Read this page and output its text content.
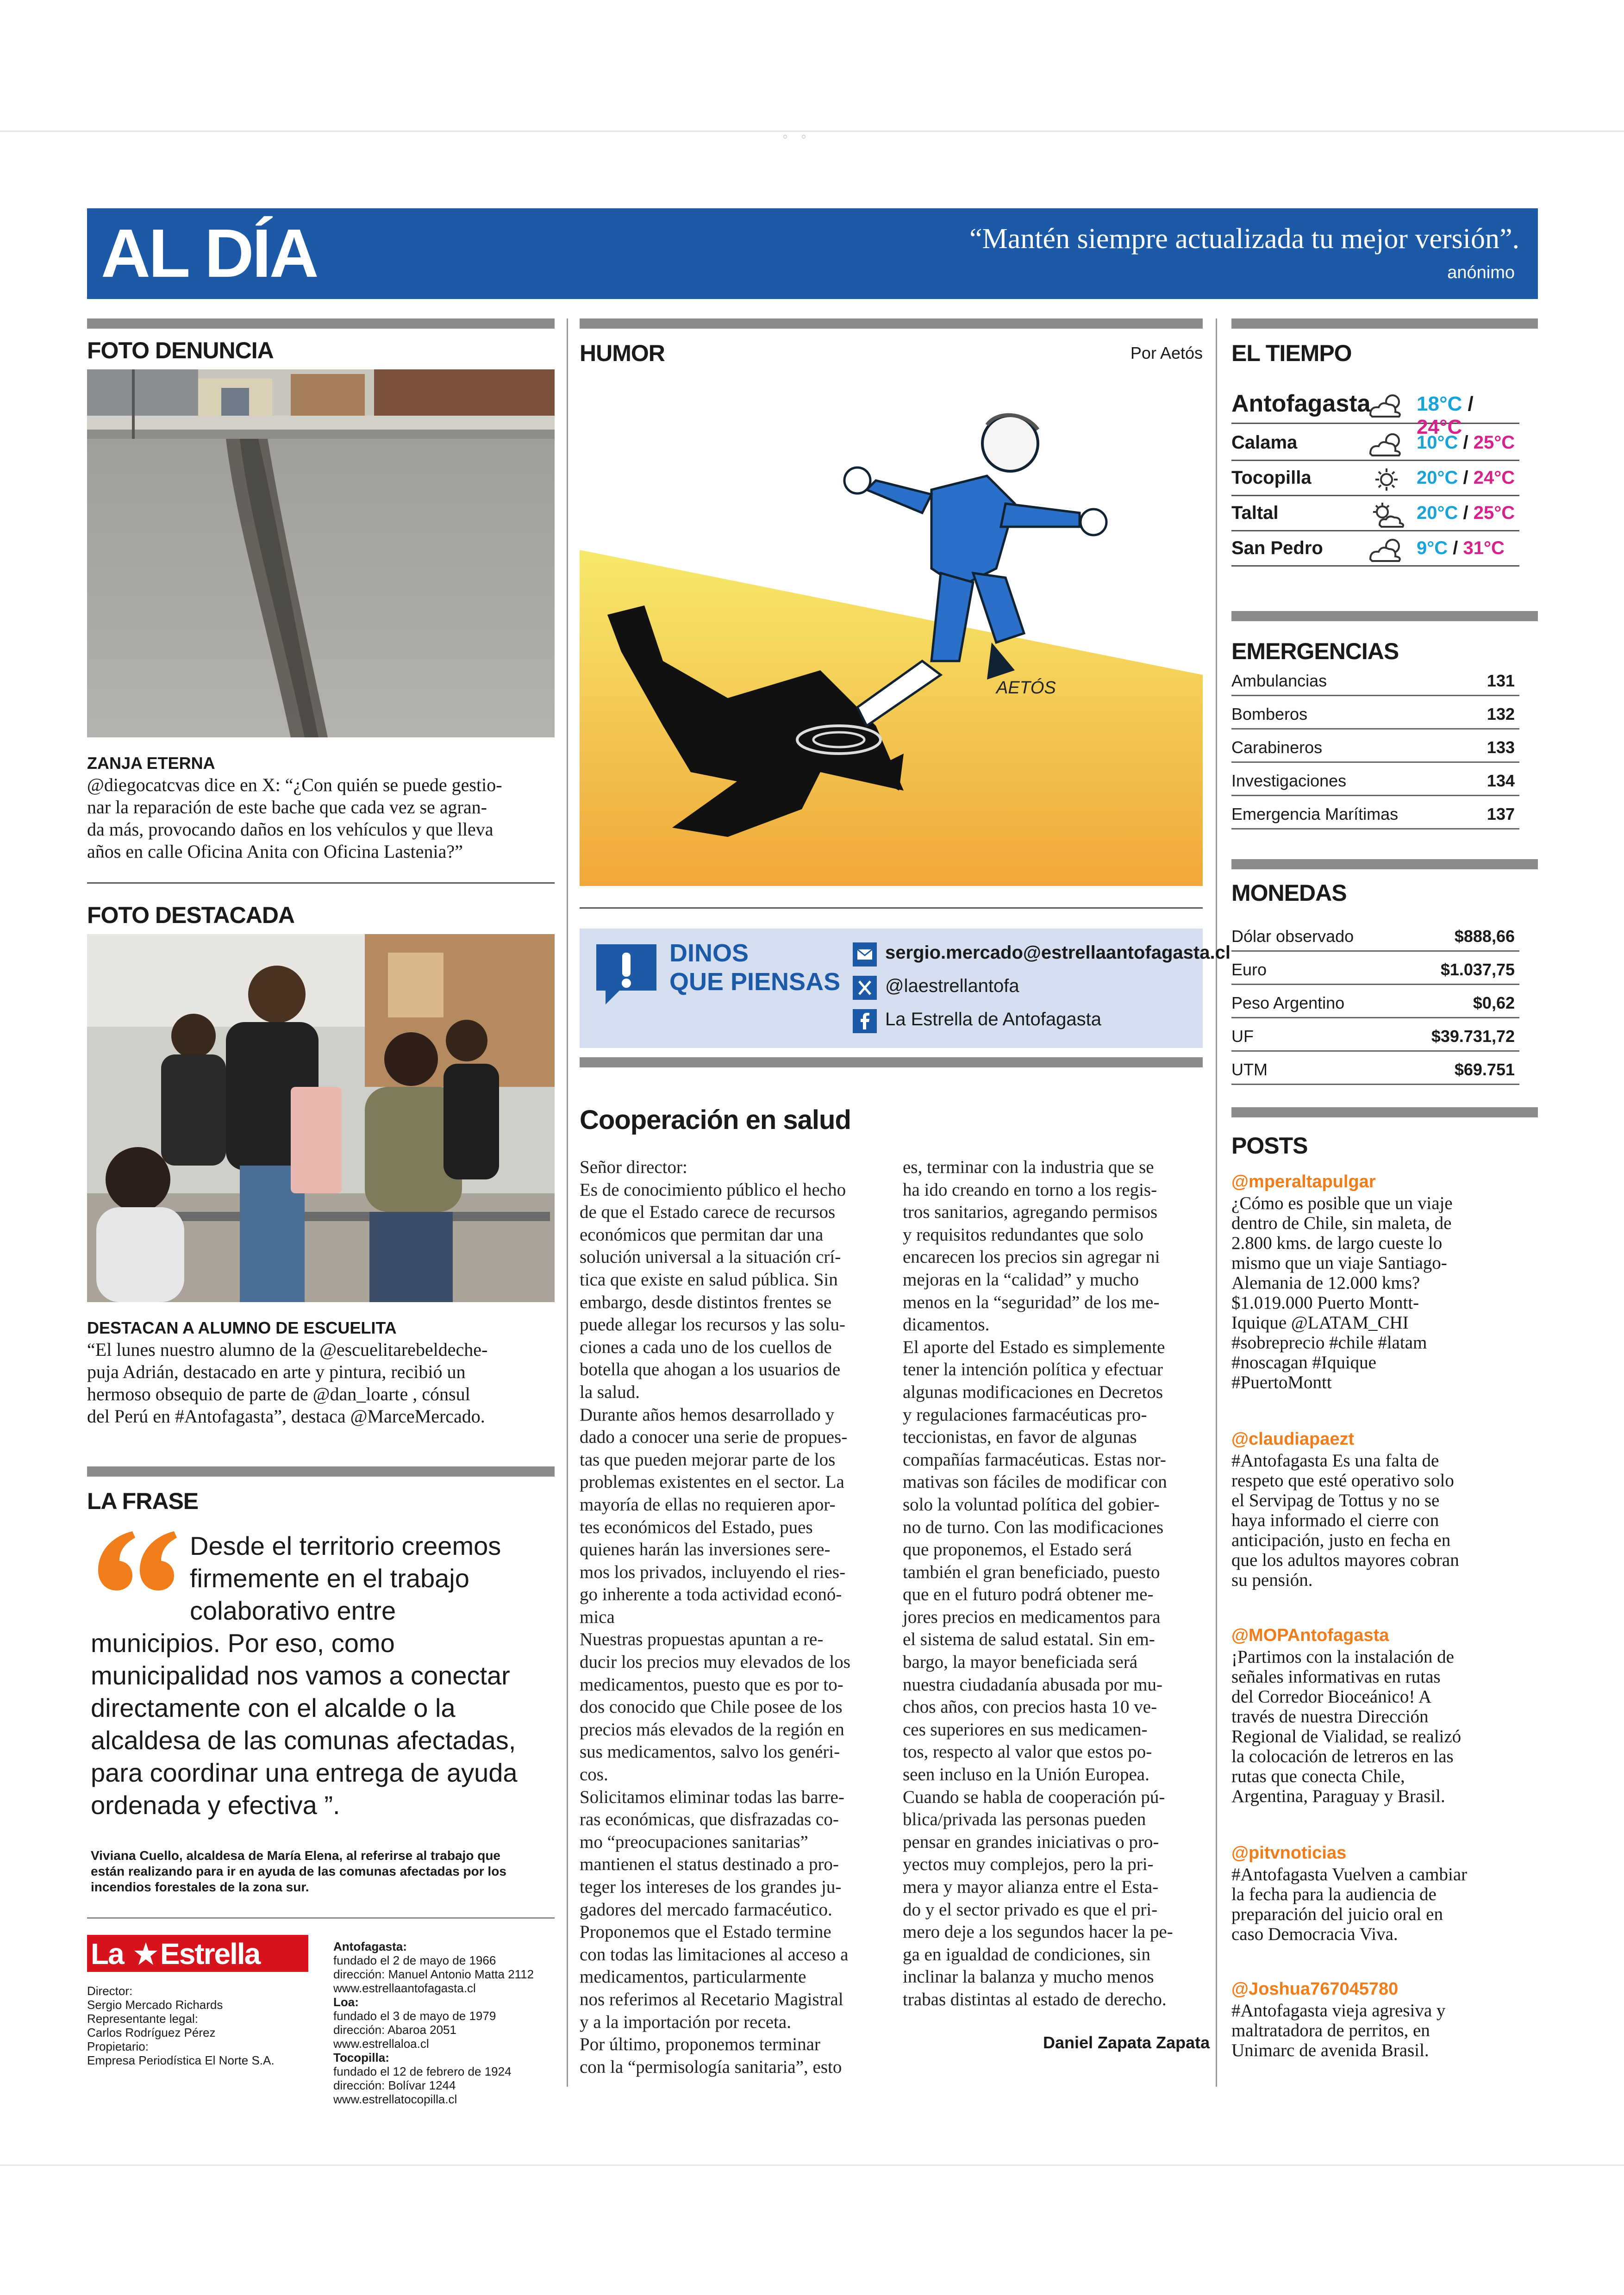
◦◦
AL DÍA	“Mantén siempre actualizada tu mejor versión”.
anónimo
FOTO DENUNCIA
ZANJA ETERNA
@diegocatcvas dice en X: “¿Con quién se puede gestio-
nar la reparación de este bache que cada vez se agran-
da más, provocando daños en los vehículos y que lleva
años en calle Oficina Anita con Oficina Lastenia?”
FOTO DESTACADA
DESTACAN A ALUMNO DE ESCUELITA
“El lunes nuestro alumno de la @escuelitarebeldeche-
puja Adrián, destacado en arte y pintura, recibió un
hermoso obsequio de parte de @dan_loarte , cónsul
del Perú en #Antofagasta”, destaca @MarceMercado.
LA FRASE
Desde el territorio creemos
firmemente en el trabajo
colaborativo entre
municipios. Por eso, como
municipalidad nos vamos a conectar
directamente con el alcalde o la
alcaldesa de las comunas afectadas,
para coordinar una entrega de ayuda
ordenada y efectiva ”.
Viviana Cuello, alcaldesa de María Elena, al referirse al trabajo que
están realizando para ir en ayuda de las comunas afectadas por los
incendios forestales de la zona sur.
La Estrella
Director:
Sergio Mercado Richards
Representante legal:
Carlos Rodríguez Pérez
Propietario:
Empresa Periodística El Norte S.A.
Antofagasta:
fundado el 2 de mayo de 1966
dirección: Manuel Antonio Matta 2112
www.estrellaantofagasta.cl
Loa:
fundado el 3 de mayo de 1979
dirección: Abaroa 2051
www.estrellaloa.cl
Tocopilla:
fundado el 12 de febrero de 1924
dirección: Bolívar 1244
www.estrellatocopilla.cl
HUMOR	Por Aetós
AETÓS
DINOS
QUE PIENSAS
sergio.mercado@estrellaantofagasta.cl
@laestrellantofa
La Estrella de Antofagasta
Cooperación en salud
Señor director:
Es de conocimiento público el hecho
de que el Estado carece de recursos
económicos que permitan dar una
solución universal a la situación crí-
tica que existe en salud pública. Sin
embargo, desde distintos frentes se
puede allegar los recursos y las solu-
ciones a cada uno de los cuellos de
botella que ahogan a los usuarios de
la salud.
Durante años hemos desarrollado y
dado a conocer una serie de propues-
tas que pueden mejorar parte de los
problemas existentes en el sector. La
mayoría de ellas no requieren apor-
tes económicos del Estado, pues
quienes harán las inversiones sere-
mos los privados, incluyendo el ries-
go inherente a toda actividad econó-
mica
Nuestras propuestas apuntan a re-
ducir los precios muy elevados de los
medicamentos, puesto que es por to-
dos conocido que Chile posee de los
precios más elevados de la región en
sus medicamentos, salvo los genéri-
cos.
Solicitamos eliminar todas las barre-
ras económicas, que disfrazadas co-
mo “preocupaciones sanitarias”
mantienen el status destinado a pro-
teger los intereses de los grandes ju-
gadores del mercado farmacéutico.
Proponemos que el Estado termine
con todas las limitaciones al acceso a
medicamentos, particularmente
nos referimos al Recetario Magistral
y a la importación por receta.
Por último, proponemos terminar
con la “permisología sanitaria”, esto
es, terminar con la industria que se
ha ido creando en torno a los regis-
tros sanitarios, agregando permisos
y requisitos redundantes que solo
encarecen los precios sin agregar ni
mejoras en la “calidad” y mucho
menos en la “seguridad” de los me-
dicamentos.
El aporte del Estado es simplemente
tener la intención política y efectuar
algunas modificaciones en Decretos
y regulaciones farmacéuticas pro-
teccionistas, en favor de algunas
compañías farmacéuticas. Estas nor-
mativas son fáciles de modificar con
solo la voluntad política del gobier-
no de turno. Con las modificaciones
que proponemos, el Estado será
también el gran beneficiado, puesto
que en el futuro podrá obtener me-
jores precios en medicamentos para
el sistema de salud estatal. Sin em-
bargo, la mayor beneficiada será
nuestra ciudadanía abusada por mu-
chos años, con precios hasta 10 ve-
ces superiores en sus medicamen-
tos, respecto al valor que estos po-
seen incluso en la Unión Europea.
Cuando se habla de cooperación pú-
blica/privada las personas pueden
pensar en grandes iniciativas o pro-
yectos muy complejos, pero la pri-
mera y mayor alianza entre el Esta-
do y el sector privado es que el pri-
mero deje a los segundos hacer la pe-
ga en igualdad de condiciones, sin
inclinar la balanza y mucho menos
trabas distintas al estado de derecho.
Daniel Zapata Zapata
EL TIEMPO
Antofagasta 18°C / 24°C
Calama	10°C / 25°C
Tocopilla	20°C / 24°C
Taltal	20°C / 25°C
San Pedro	9°C / 31°C
EMERGENCIAS
Ambulancias	131
Bomberos	132
Carabineros	133
Investigaciones	134
Emergencia Marítimas	137
MONEDAS
Dólar observado	$888,66
Euro	$1.037,75
Peso Argentino	$0,62
UF	$39.731,72
UTM	$69.751
POSTS
@mperaltapulgar
¿Cómo es posible que un viaje
dentro de Chile, sin maleta, de
2.800 kms. de largo cueste lo
mismo que un viaje Santiago-
Alemania de 12.000 kms?
$1.019.000 Puerto Montt-
Iquique @LATAM_CHI
#sobreprecio #chile #latam
#noscagan #Iquique
#PuertoMontt
@claudiapaezt
#Antofagasta Es una falta de
respeto que esté operativo solo
el Servipag de Tottus y no se
haya informado el cierre con
anticipación, justo en fecha en
que los adultos mayores cobran
su pensión.
@MOPAntofagasta
¡Partimos con la instalación de
señales informativas en rutas
del Corredor Bioceánico! A
través de nuestra Dirección
Regional de Vialidad, se realizó
la colocación de letreros en las
rutas que conecta Chile,
Argentina, Paraguay y Brasil.
@pitvnoticias
#Antofagasta Vuelven a cambiar
la fecha para la audiencia de
preparación del juicio oral en
caso Democracia Viva.
@Joshua767045780
#Antofagasta vieja agresiva y
maltratadora de perritos, en
Unimarc de avenida Brasil.
